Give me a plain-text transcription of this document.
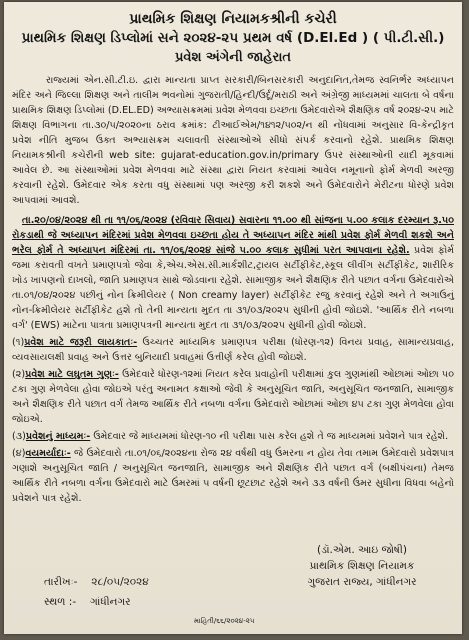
પ્રાથમિક શિક્ષણ નિયામકશ્રીની કચેરી
પ્રાથમિક શિક્ષણ ડિપ્લોમાં સને ૨૦૨૪-૨૫ પ્રથમ વર્ષ (D.El.Ed ) ( પી.ટી.સી.)
પ્રવેશ અંગેની જાહેરાત

રાજ્યમાં એન.સી.ટી.ઇ. દ્વારા માન્યતા પ્રાપ્ત સરકારી/બિનસરકારી અનુદાનિત,તેમજ સ્વનિર્ભર અધ્યાપન મંદિર અને જિલ્લા શિક્ષણ અને તાલીમ ભવનોમાં ગુજરાતી/હિન્દી/ઉર્દૂ/મરાઠી અને અંગ્રેજી માધ્યમમાં ચાલતા બે વર્ષના પ્રાથમિક શિક્ષણ ડિપ્લોમાં (D.EL.ED) અભ્યાસક્રમમાં પ્રવેશ મેળવવા ઇચ્છતા ઉમેદવારોએ શૈક્ષણિક વર્ષ ૨૦૨૪-૨૫ માટે શિક્ષણ વિભાગના તા.૩૦/૫/૨૦૨૦ના ઠરાવ ક્રમાંક: ટીઆઈએમ/૧૪૧૨/૫૦૨/ન થી નોંધવામાં અનુસાર વિ-કેન્દ્રીકૃત પ્રવેશ નીતિ મુજબ ઉક્ત અભ્યાસક્રમ ચલાવતી સંસ્થાઓએ સીધો સંપર્ક કરવાનો રહેશે. પ્રાથમિક શિક્ષણ નિયામકશ્રીની કચેરીની web site: gujarat-education.gov.in/primary ઉપર સંસ્થાઓની યાદી મૂકવામાં આવેલ છે. આ સંસ્થાઓમાં પ્રવેશ મેળવવા માટે સંસ્થા દ્વારા નિયત કરવામાં આવેલ નમૂનાનો ફોર્મ મેળવી અરજી કરવાની રહેશે. ઉમેદવાર એક કરતા વધુ સંસ્થામાં પણ અરજી કરી શકશે અને ઉમેદવારોને મેરીટના ધોરણે પ્રવેશ આપવામાં આવશે.

તા.૨૦/૦૪/૨૦૨૪ થી તા ૧૧/૦૬/૨૦૨૪ (રવિવાર સિવાય) સવારના ૧૧.૦૦ થી સાંજના ૫.૦૦ કલાક દરમ્યાન રૂ.૫૦ રોકડાથી જે અધ્યાપન મંદિરમાં પ્રવેશ મેળવવા ઇચ્છતા હોય તે અધ્યાપન મંદિર માંથી પ્રવેશ ફોર્મ મેળવી શકશે અને ભરેલ ફોર્મ તે અધ્યાપન મંદિરમાં તા. ૧૧/૦૬/૨૦૨૪ સાંજે ૫.૦૦ કલાક સુધીમાં પરત આપવાના રહેશે. પ્રવેશ ફોર્મ જમા કરાવતી વખતે પ્રમાણપત્રો જેવા કે,એચ.એસ.સી.માર્કશીટ,ટ્રાયલ સર્ટીફીકેટ,સ્કૂલ લીવીંગ સર્ટીફીકેટ, શારીરિક ખોડ ખાપણનો દાખલો, જાતિ પ્રમાણપત્ર સાથે જોડવાના રહેશે. સામાજીક અને શૈક્ષણિક રીતે પછાત વર્ગના ઉમેદવારોએ તા.૦૧/૦૪/૨૦૨૪ પછીનું નોન ક્રિમીલેયર ( Non creamy layer) સર્ટીફીકેટ રજુ કરવાનું રહેશે અને તે અગાઉનું નોન-ક્રિમીલેયર સર્ટીફીકેટ હશે તો તેની માન્યતા મુદત તા ૩૧/૦૩/૨૦૨૫ સુધીની હોવી જોઇશે. 'આર્થિક રીતે નબળા વર્ગ' (EWS) માટેના પાત્રતા પ્રમાણપત્રની માન્યતા મુદત તા ૩૧/૦૩/૨૦૨૫ સુધીની હોવી જોઇશે.

(૧)પ્રવેશ માટે જરૂરી લાયકાતઃ- ઉચ્ચતર માધ્યમિક પ્રમાણપત્ર પરીક્ષા (ધોરણ-૧૨) વિનય પ્રવાહ, સામાન્યપ્રવાહ, વ્યવસાયલક્ષી પ્રવાહ અને ઉત્તર બુનિયાદી પ્રવાહમાં ઉત્તીર્ણ કરેલ હોવી જોઇશે.

(૨)પ્રવેશ માટે લઘુતમ ગુણઃ- ઉમેદવારે ધોરણ-૧૨માં નિયત કરેલ પ્રવાહોની પરીક્ષામાં કુલ ગુણમાંથી ઓછામાં ઓછા ૫૦ ટકા ગુણ મેળવેલા હોવા જોઇએ પરંતુ અનામત કક્ષાઓ જેવી કે અનુસૂચિત જાતિ, અનુસૂચિત જનજાતિ, સામાજીક અને શૈક્ષણિક રીતે પછાત વર્ગ તેમજ આર્થિક રીતે નબળા વર્ગના ઉમેદવારો ઓછામાં ઓછા ૪૫ ટકા ગુણ મેળવેલા હોવા જોઇએ.

(૩)પ્રવેશનું માધ્યમઃ- ઉમેદવાર જે માધ્યમમાં ધોરણ-૧૦ ની પરીક્ષા પાસ કરેલ હશે તે જ માધ્યમમાં પ્રવેશને પાત્ર રહેશે.

(૪)વયમર્યાદાઃ- જે ઉમેદવારો તા.૦૧/૦૬/૨૦૨૪ના રોજ ૨૪ વર્ષથી વધુ ઉંમરના ન હોય તેવા તમામ ઉમેદવારો પ્રવેશપાત્ર ગણાશે અનુસૂચિત જાતિ / અનુસૂચિત જનજાતિ, સામાજીક અને શૈક્ષણિક રીતે પછાત વર્ગ (બક્ષીપંચના) તેમજ આર્થિક રીતે નબળા વર્ગના ઉમેદવારો માટે ઉંમરમાં ૫ વર્ષની છૂટછાટ રહેશે અને ૩૩ વર્ષની ઉંમર સુધીના વિધવા બહેનો પ્રવેશને પાત્ર રહેશે.

(ડૉ.એમ. આઇ જોષી)
પ્રાથમિક શિક્ષણ નિયામક
ગુજરાત રાજ્ય, ગાંધીનગર
તારીખઃ- ૨૮/૦૫/૨૦૨૪
સ્થળ :- ગાંધીનગર
માહિતી/૬૬/૨૦૨૪-૨૫
